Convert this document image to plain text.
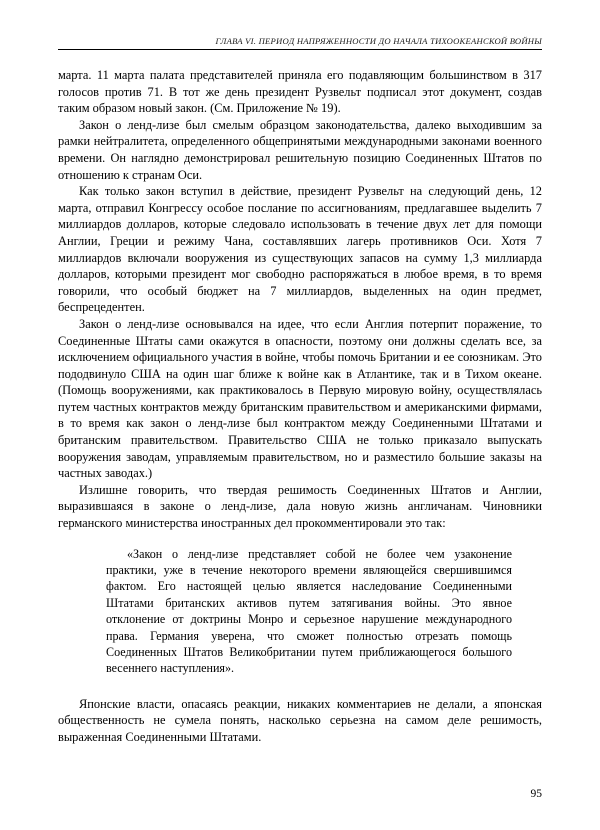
ГЛАВА VI. ПЕРИОД НАПРЯЖЕННОСТИ ДО НАЧАЛА ТИХООКЕАНСКОЙ ВОЙНЫ

марта. 11 марта палата представителей приняла его подавляющим большинством в 317 голосов против 71. В тот же день президент Рузвельт подписал этот документ, создав таким образом новый закон. (См. Приложение № 19).

Закон о ленд-лизе был смелым образцом законодательства, далеко выходившим за рамки нейтралитета, определенного общепринятыми международными законами военного времени. Он наглядно демонстрировал решительную позицию Соединенных Штатов по отношению к странам Оси.

Как только закон вступил в действие, президент Рузвельт на следующий день, 12 марта, отправил Конгрессу особое послание по ассигнованиям, предлагавшее выделить 7 миллиардов долларов, которые следовало использовать в течение двух лет для помощи Англии, Греции и режиму Чана, составлявших лагерь противников Оси. Хотя 7 миллиардов включали вооружения из существующих запасов на сумму 1,3 миллиарда долларов, которыми президент мог свободно распоряжаться в любое время, в то время говорили, что особый бюджет на 7 миллиардов, выделенных на один предмет, беспрецедентен.

Закон о ленд-лизе основывался на идее, что если Англия потерпит поражение, то Соединенные Штаты сами окажутся в опасности, поэтому они должны сделать все, за исключением официального участия в войне, чтобы помочь Британии и ее союзникам. Это пододвинуло США на один шаг ближе к войне как в Атлантике, так и в Тихом океане. (Помощь вооружениями, как практиковалось в Первую мировую войну, осуществлялась путем частных контрактов между британским правительством и американскими фирмами, в то время как закон о ленд-лизе был контрактом между Соединенными Штатами и британским правительством. Правительство США не только приказало выпускать вооружения заводам, управляемым правительством, но и разместило большие заказы на частных заводах.)

Излишне говорить, что твердая решимость Соединенных Штатов и Англии, выразившаяся в законе о ленд-лизе, дала новую жизнь англичанам. Чиновники германского министерства иностранных дел прокомментировали это так:

«Закон о ленд-лизе представляет собой не более чем узаконение практики, уже в течение некоторого времени являющейся свершившимся фактом. Его настоящей целью является наследование Соединенными Штатами британских активов путем затягивания войны. Это явное отклонение от доктрины Монро и серьезное нарушение международного права. Германия уверена, что сможет полностью отрезать помощь Соединенных Штатов Великобритании путем приближающегося большого весеннего наступления».

Японские власти, опасаясь реакции, никаких комментариев не делали, а японская общественность не сумела понять, насколько серьезна на самом деле решимость, выраженная Соединенными Штатами.

95
